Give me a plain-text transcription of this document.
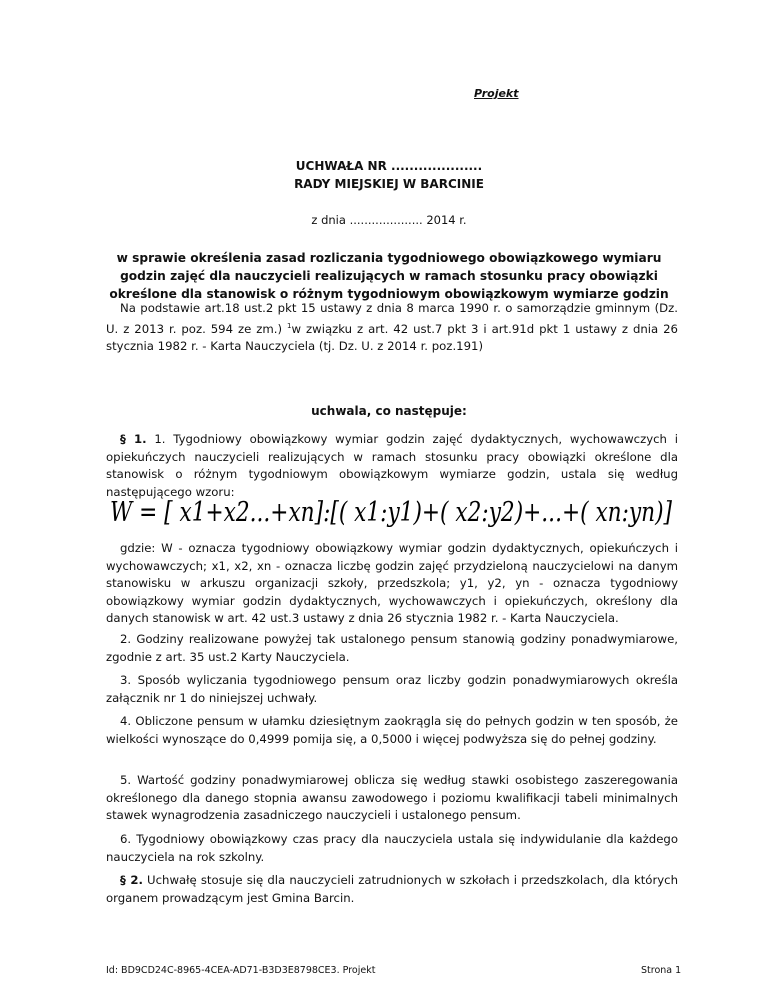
Projekt
UCHWAŁA NR ....................
RADY MIEJSKIEJ W BARCINIE
z dnia .................... 2014 r.
w sprawie określenia zasad rozliczania tygodniowego obowiązkowego wymiaru godzin zajęć dla nauczycieli realizujących w ramach stosunku pracy obowiązki określone dla stanowisk o różnym tygodniowym obowiązkowym wymiarze godzin

Na podstawie art.18 ust.2 pkt 15 ustawy z dnia 8 marca 1990 r. o samorządzie gminnym (Dz. U. z 2013 r. poz. 594 ze zm.) $^1$w związku z art. 42 ust.7 pkt 3 i art.91d pkt 1 ustawy z dnia 26 stycznia 1982 r. - Karta Nauczyciela (tj. Dz. U. z 2014 r. poz.191)

uchwala, co następuje:

§ 1. 1. Tygodniowy obowiązkowy wymiar godzin zajęć dydaktycznych, wychowawczych i opiekuńczych nauczycieli realizujących w ramach stosunku pracy obowiązki określone dla stanowisk o różnym tygodniowym obowiązkowym wymiarze godzin, ustala się według następującego wzoru:

W = [ x1+x2...+xn]:[( x1:y1)+( x2:y2)+...+( xn:yn)]

gdzie: W - oznacza tygodniowy obowiązkowy wymiar godzin dydaktycznych, opiekuńczych i wychowawczych; x1, x2, xn - oznacza liczbę godzin zajęć przydzieloną nauczycielowi na danym stanowisku w arkuszu organizacji szkoły, przedszkola; y1, y2, yn - oznacza tygodniowy obowiązkowy wymiar godzin dydaktycznych, wychowawczych i opiekuńczych, określony dla danych stanowisk w art. 42 ust.3 ustawy z dnia 26 stycznia 1982 r. - Karta Nauczyciela.

2. Godziny realizowane powyżej tak ustalonego pensum stanowią godziny ponadwymiarowe, zgodnie z art. 35 ust.2 Karty Nauczyciela.

3. Sposób wyliczania tygodniowego pensum oraz liczby godzin ponadwymiarowych określa załącznik nr 1 do niniejszej uchwały.

4. Obliczone pensum w ułamku dziesiętnym zaokrągla się do pełnych godzin w ten sposób, że wielkości wynoszące do 0,4999 pomija się, a 0,5000 i więcej podwyższa się do pełnej godziny.

5. Wartość godziny ponadwymiarowej oblicza się według stawki osobistego zaszeregowania określonego dla danego stopnia awansu zawodowego i poziomu kwalifikacji tabeli minimalnych stawek wynagrodzenia zasadniczego nauczycieli i ustalonego pensum.

6. Tygodniowy obowiązkowy czas pracy dla nauczyciela ustala się indywidulanie dla każdego nauczyciela na rok szkolny.

§ 2. Uchwałę stosuje się dla nauczycieli zatrudnionych w szkołach i przedszkolach, dla których organem prowadzącym jest Gmina Barcin.

Id: BD9CD24C-8965-4CEA-AD71-B3D3E8798CE3. Projekt	Strona 1
